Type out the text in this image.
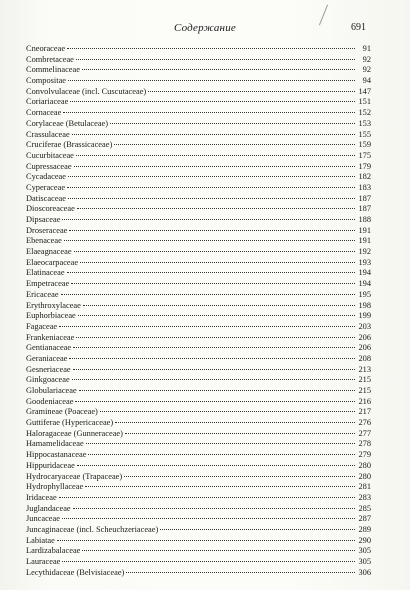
Содержание	691
Cneoraceae	91
Combretaceae	92
Commelinaceae	92
Compositae	94
Convolvulaceae (incl. Cuscutaceae)	147
Coriariaceae	151
Cornaceae	152
Corylaceae (Betulaceae)	153
Crassulaceae	155
Cruciferae (Brassicaceae)	159
Cucurbitaceae	175
Cupressaceae	179
Cycadaceae	182
Cyperaceae	183
Datiscaceae	187
Dioscoreaceae	187
Dipsaceae	188
Droseraceae	191
Ebenaceae	191
Elaeagnaceae	192
Elaeocarpaceae	193
Elatinaceae	194
Empetraceae	194
Ericaceae	195
Erythroxylaceae	198
Euphorbiaceae	199
Fagaceae	203
Frankeniaceae	206
Gentianaceae	206
Geraniaceae	208
Gesneriaceae	213
Ginkgoaceae	215
Globulariaceae	215
Goodeniaceae	216
Gramineae (Poaceae)	217
Guttiferae (Hypericaceae)	276
Haloragaceae (Gunneraceae)	277
Hamamelidaceae	278
Hippocastanaceae	279
Hippuridaceae	280
Hydrocaryaceae (Trapaceae)	280
Hydrophyllaceae	281
Iridaceae	283
Juglandaceae	285
Juncaceae	287
Juncaginaceae (incl. Scheuchzeriaceae)	289
Labiatae	290
Lardizabalaceae	305
Lauraceae	305
Lecythidaceae (Belvisiaceae)	306
